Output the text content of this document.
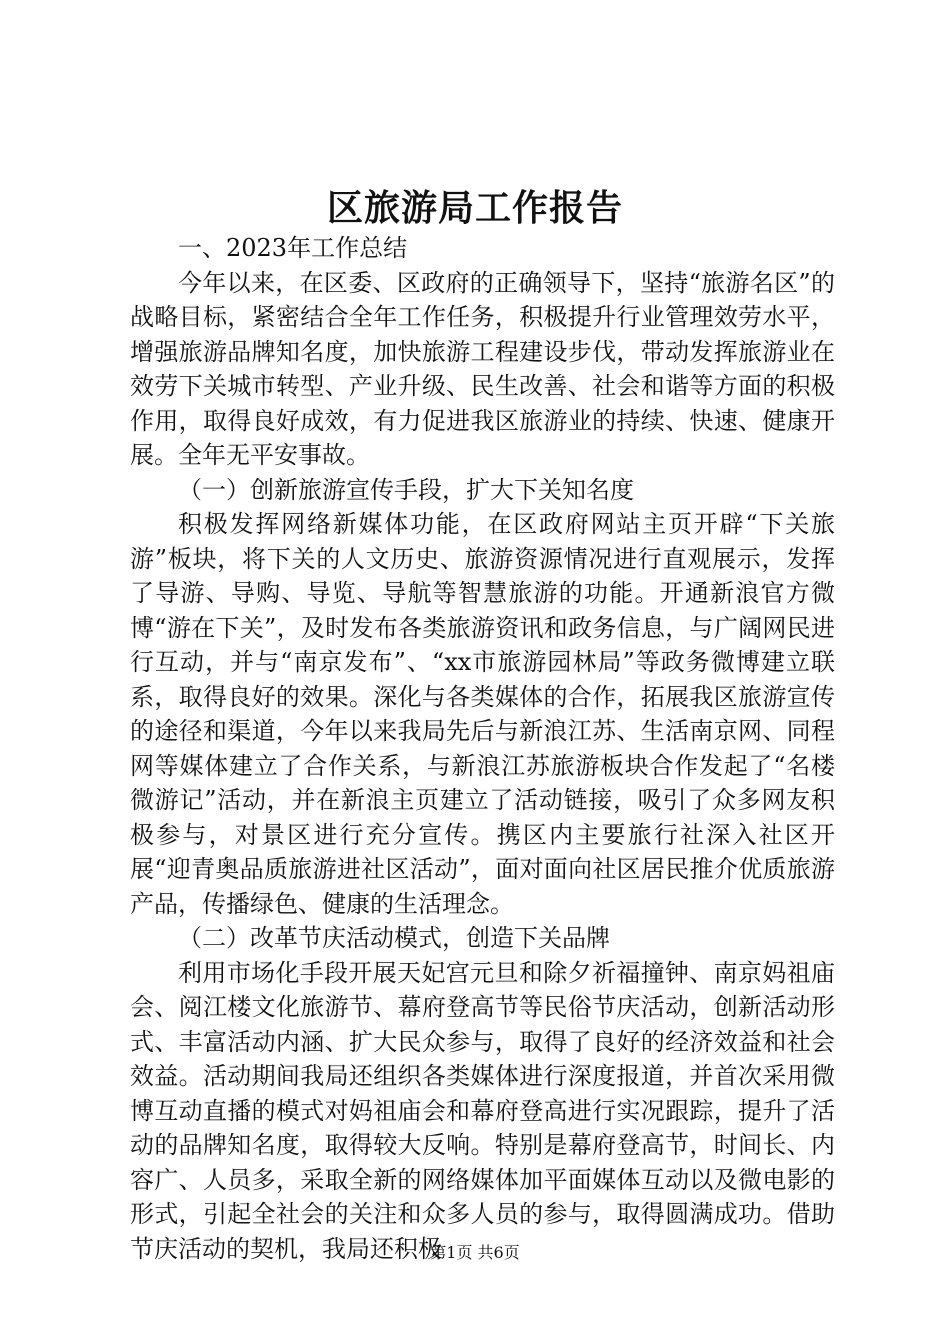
区旅游局工作报告

一、2023年工作总结

今年以来，在区委、区政府的正确领导下，坚持“旅游名区”的战略目标，紧密结合全年工作任务，积极提升行业管理效劳水平，增强旅游品牌知名度，加快旅游工程建设步伐，带动发挥旅游业在效劳下关城市转型、产业升级、民生改善、社会和谐等方面的积极作用，取得良好成效，有力促进我区旅游业的持续、快速、健康开展。全年无平安事故。

（一）创新旅游宣传手段，扩大下关知名度

积极发挥网络新媒体功能，在区政府网站主页开辟“下关旅游”板块，将下关的人文历史、旅游资源情况进行直观展示，发挥了导游、导购、导览、导航等智慧旅游的功能。开通新浪官方微博“游在下关”，及时发布各类旅游资讯和政务信息，与广阔网民进行互动，并与“南京发布”、“xx市旅游园林局”等政务微博建立联系，取得良好的效果。深化与各类媒体的合作，拓展我区旅游宣传的途径和渠道，今年以来我局先后与新浪江苏、生活南京网、同程网等媒体建立了合作关系，与新浪江苏旅游板块合作发起了“名楼微游记”活动，并在新浪主页建立了活动链接，吸引了众多网友积极参与，对景区进行充分宣传。携区内主要旅行社深入社区开展“迎青奥品质旅游进社区活动”，面对面向社区居民推介优质旅游产品，传播绿色、健康的生活理念。

（二）改革节庆活动模式，创造下关品牌

利用市场化手段开展天妃宫元旦和除夕祈福撞钟、南京妈祖庙会、阅江楼文化旅游节、幕府登高节等民俗节庆活动，创新活动形式、丰富活动内涵、扩大民众参与，取得了良好的经济效益和社会效益。活动期间我局还组织各类媒体进行深度报道，并首次采用微博互动直播的模式对妈祖庙会和幕府登高进行实况跟踪，提升了活动的品牌知名度，取得较大反响。特别是幕府登高节，时间长、内容广、人员多，采取全新的网络媒体加平面媒体互动以及微电影的形式，引起全社会的关注和众多人员的参与，取得圆满成功。借助节庆活动的契机，我局还积极

第1页 共6页
